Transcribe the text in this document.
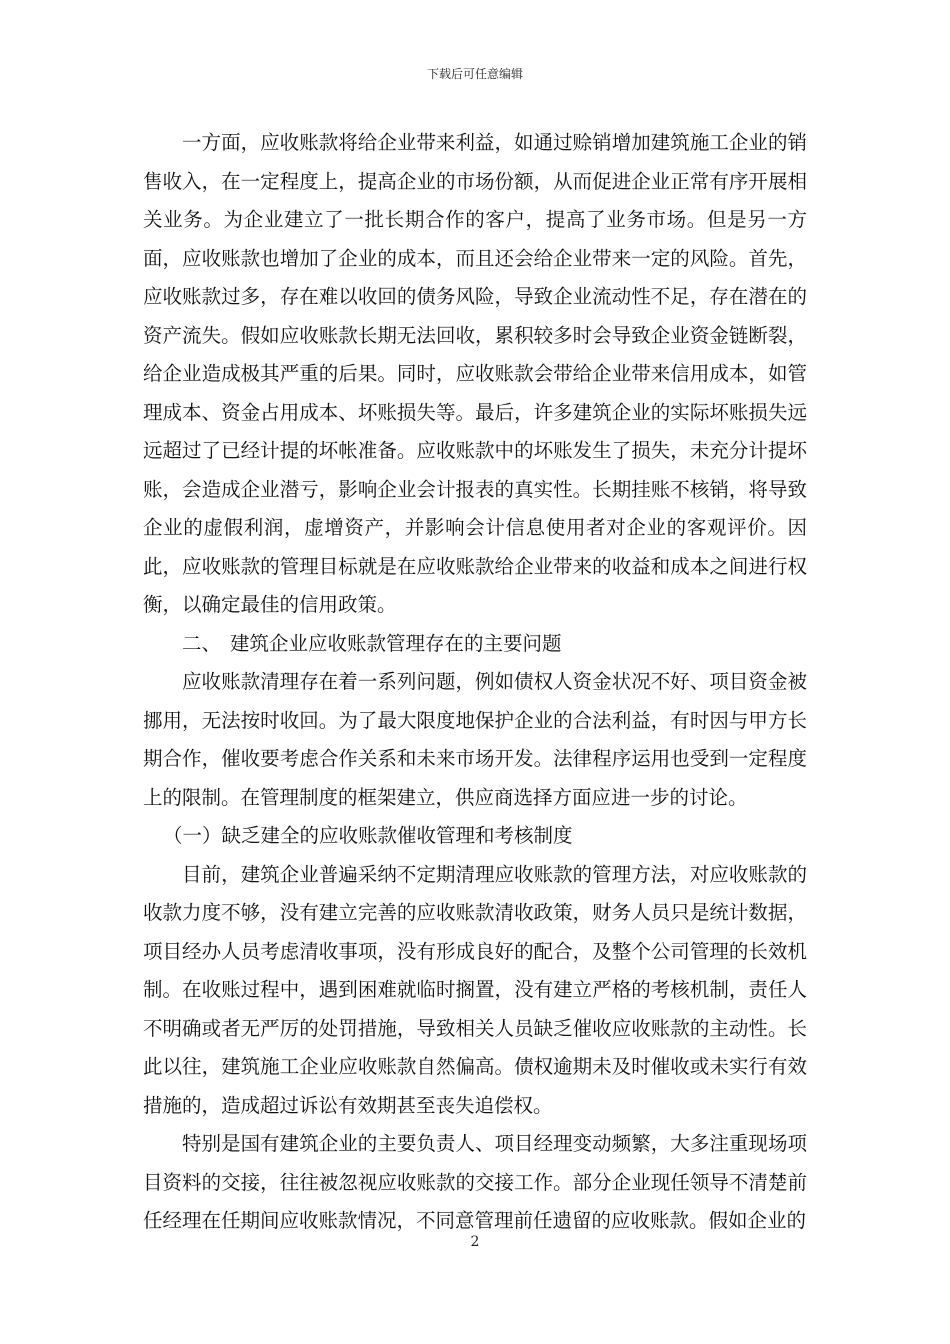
下载后可任意编辑

一方面，应收账款将给企业带来利益，如通过赊销增加建筑施工企业的销售收入，在一定程度上，提高企业的市场份额，从而促进企业正常有序开展相关业务。为企业建立了一批长期合作的客户，提高了业务市场。但是另一方面，应收账款也增加了企业的成本，而且还会给企业带来一定的风险。首先，应收账款过多，存在难以收回的债务风险，导致企业流动性不足，存在潜在的资产流失。假如应收账款长期无法回收，累积较多时会导致企业资金链断裂，给企业造成极其严重的后果。同时，应收账款会带给企业带来信用成本，如管理成本、资金占用成本、坏账损失等。最后，许多建筑企业的实际坏账损失远远超过了已经计提的坏帐准备。应收账款中的坏账发生了损失，未充分计提坏账，会造成企业潜亏，影响企业会计报表的真实性。长期挂账不核销，将导致企业的虚假利润，虚增资产，并影响会计信息使用者对企业的客观评价。因此，应收账款的管理目标就是在应收账款给企业带来的收益和成本之间进行权衡，以确定最佳的信用政策。

二、 建筑企业应收账款管理存在的主要问题

应收账款清理存在着一系列问题，例如债权人资金状况不好、项目资金被挪用，无法按时收回。为了最大限度地保护企业的合法利益，有时因与甲方长期合作，催收要考虑合作关系和未来市场开发。法律程序运用也受到一定程度上的限制。在管理制度的框架建立，供应商选择方面应进一步的讨论。

（一）缺乏建全的应收账款催收管理和考核制度

目前，建筑企业普遍采纳不定期清理应收账款的管理方法，对应收账款的收款力度不够，没有建立完善的应收账款清收政策，财务人员只是统计数据，项目经办人员考虑清收事项，没有形成良好的配合，及整个公司管理的长效机制。在收账过程中，遇到困难就临时搁置，没有建立严格的考核机制，责任人不明确或者无严厉的处罚措施，导致相关人员缺乏催收应收账款的主动性。长此以往，建筑施工企业应收账款自然偏高。债权逾期未及时催收或未实行有效措施的，造成超过诉讼有效期甚至丧失追偿权。

特别是国有建筑企业的主要负责人、项目经理变动频繁，大多注重现场项目资料的交接，往往被忽视应收账款的交接工作。部分企业现任领导不清楚前任经理在任期间应收账款情况，不同意管理前任遗留的应收账款。假如企业的

2
